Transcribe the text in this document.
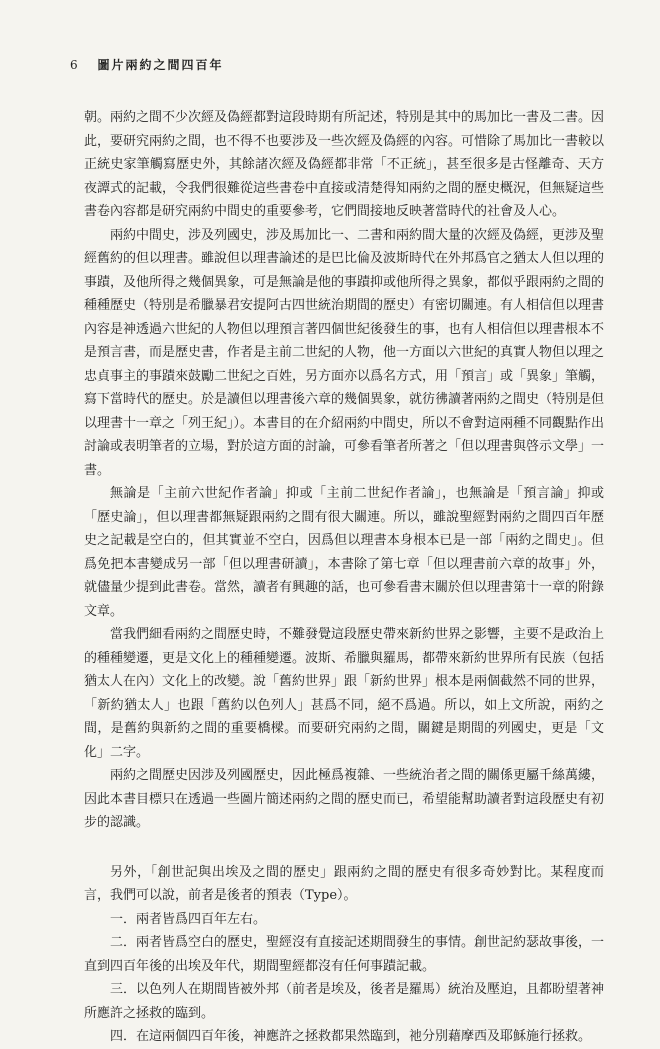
6 圖片兩約之間四百年

朝。兩約之間不少次經及偽經都對這段時期有所記述，特別是其中的馬加比一書及二書。因此，要研究兩約之間，也不得不也要涉及一些次經及偽經的內容。可惜除了馬加比一書較以正統史家筆觸寫歷史外，其餘諸次經及偽經都非常「不正統」，甚至很多是古怪離奇、天方夜譚式的記載，令我們很難從這些書卷中直接或清楚得知兩約之間的歷史概況，但無疑這些書卷內容都是研究兩約中間史的重要參考，它們間接地反映著當時代的社會及人心。

兩約中間史，涉及列國史，涉及馬加比一、二書和兩約間大量的次經及偽經，更涉及聖經舊約的但以理書。雖說但以理書論述的是巴比倫及波斯時代在外邦爲官之猶太人但以理的事蹟，及他所得之幾個異象，可是無論是他的事蹟抑或他所得之異象，都似乎跟兩約之間的種種歷史（特別是希臘暴君安提阿古四世統治期間的歷史）有密切關連。有人相信但以理書內容是神透過六世紀的人物但以理預言著四個世紀後發生的事，也有人相信但以理書根本不是預言書，而是歷史書，作者是主前二世紀的人物，他一方面以六世紀的真實人物但以理之忠貞事主的事蹟來鼓勵二世紀之百姓，另方面亦以爲名方式，用「預言」或「異象」筆觸，寫下當時代的歷史。於是讀但以理書後六章的幾個異象，就彷彿讀著兩約之間史（特別是但以理書十一章之「列王紀」）。本書目的在介紹兩約中間史，所以不會對這兩種不同觀點作出討論或表明筆者的立場，對於這方面的討論，可參看筆者所著之「但以理書與啓示文學」一書。

無論是「主前六世紀作者論」抑或「主前二世紀作者論」，也無論是「預言論」抑或「歷史論」，但以理書都無疑跟兩約之間有很大關連。所以，雖說聖經對兩約之間四百年歷史之記載是空白的，但其實並不空白，因爲但以理書本身根本已是一部「兩約之間史」。但爲免把本書變成另一部「但以理書研讀」，本書除了第七章「但以理書前六章的故事」外，就儘量少提到此書卷。當然，讀者有興趣的話，也可參看書末關於但以理書第十一章的附錄文章。

當我們細看兩約之間歷史時，不難發覺這段歷史帶來新約世界之影響，主要不是政治上的種種變遷，更是文化上的種種變遷。波斯、希臘與羅馬，都帶來新約世界所有民族（包括猶太人在內）文化上的改變。說「舊約世界」跟「新約世界」根本是兩個截然不同的世界，「新約猶太人」也跟「舊約以色列人」甚爲不同，絕不爲過。所以，如上文所說，兩約之間，是舊約與新約之間的重要橋樑。而要研究兩約之間，關鍵是期間的列國史，更是「文化」二字。

兩約之間歷史因涉及列國歷史，因此極爲複雜、一些統治者之間的關係更屬千絲萬縷，因此本書目標只在透過一些圖片簡述兩約之間的歷史而已，希望能幫助讀者對這段歷史有初步的認識。

另外，「創世記與出埃及之間的歷史」跟兩約之間的歷史有很多奇妙對比。某程度而言，我們可以說，前者是後者的預表（Type）。

一．兩者皆爲四百年左右。

二．兩者皆爲空白的歷史，聖經沒有直接記述期間發生的事情。創世記約瑟故事後，一直到四百年後的出埃及年代，期間聖經都沒有任何事蹟記載。

三．以色列人在期間皆被外邦（前者是埃及，後者是羅馬）統治及壓迫，且都盼望著神所應許之拯救的臨到。

四．在這兩個四百年後，神應許之拯救都果然臨到，祂分別藉摩西及耶穌施行拯救。
